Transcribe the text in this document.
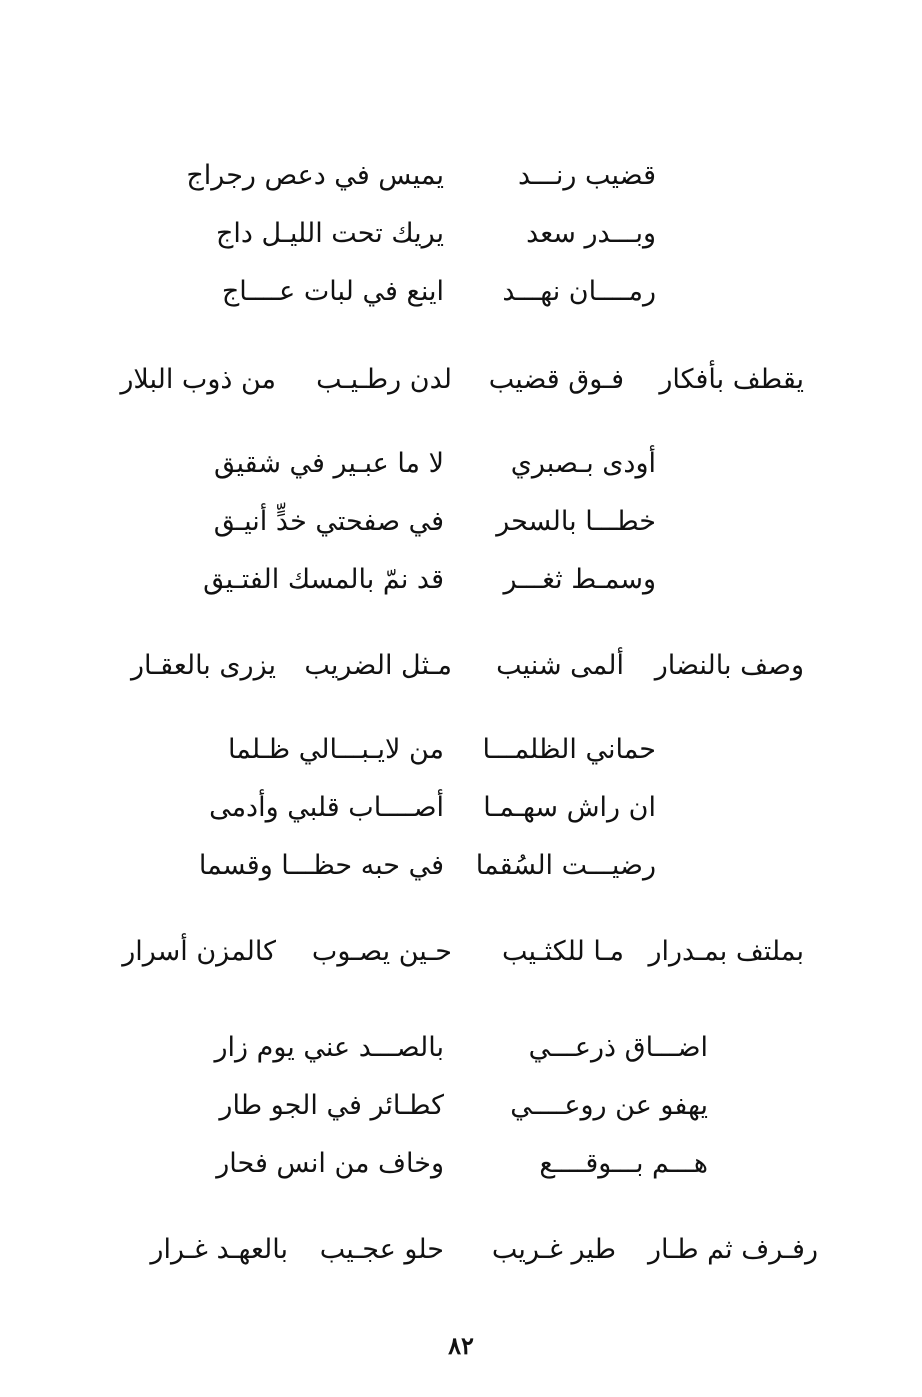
قضيب رنـــد
يميس في دعص رجراج
وبـــدر سعد
يريك تحت الليـل داج
رمــــان نهـــد
اينع في لبات عــــاج
يقطف بأفكار
فـوق قضيب
لدن رطـيـب
من ذوب البلار
أودى بـصبري
لا ما عبـير في شقيق
خطـــا بالسحر
في صفحتي خدٍّ أنيـق
وسمـط ثغـــر
قد نمّ بالمسك الفتـيق
وصف بالنضار
ألمى شنيب
مـثل الضريب
يزرى بالعقـار
حماني الظلمـــا
من لايـبـــالي ظـلما
ان راش سهـمـا
أصــــاب قلبي وأدمى
رضيـــت السُقما
في حبه حظـــا وقسما
بملتف بمـدرار
مـا للكثـيب
حـين يصـوب
كالمزن أسرار
اضـــاق ذرعـــي
بالصـــد عني يوم زار
يهفو عن روعــــي
كطـائر في الجو طار
هـــم بـــوقــــع
وخاف من انس فحار
رفـرف ثم طـار
طير غـريب
حلو عجـيب
بالعهـد غـرار
٨٢
